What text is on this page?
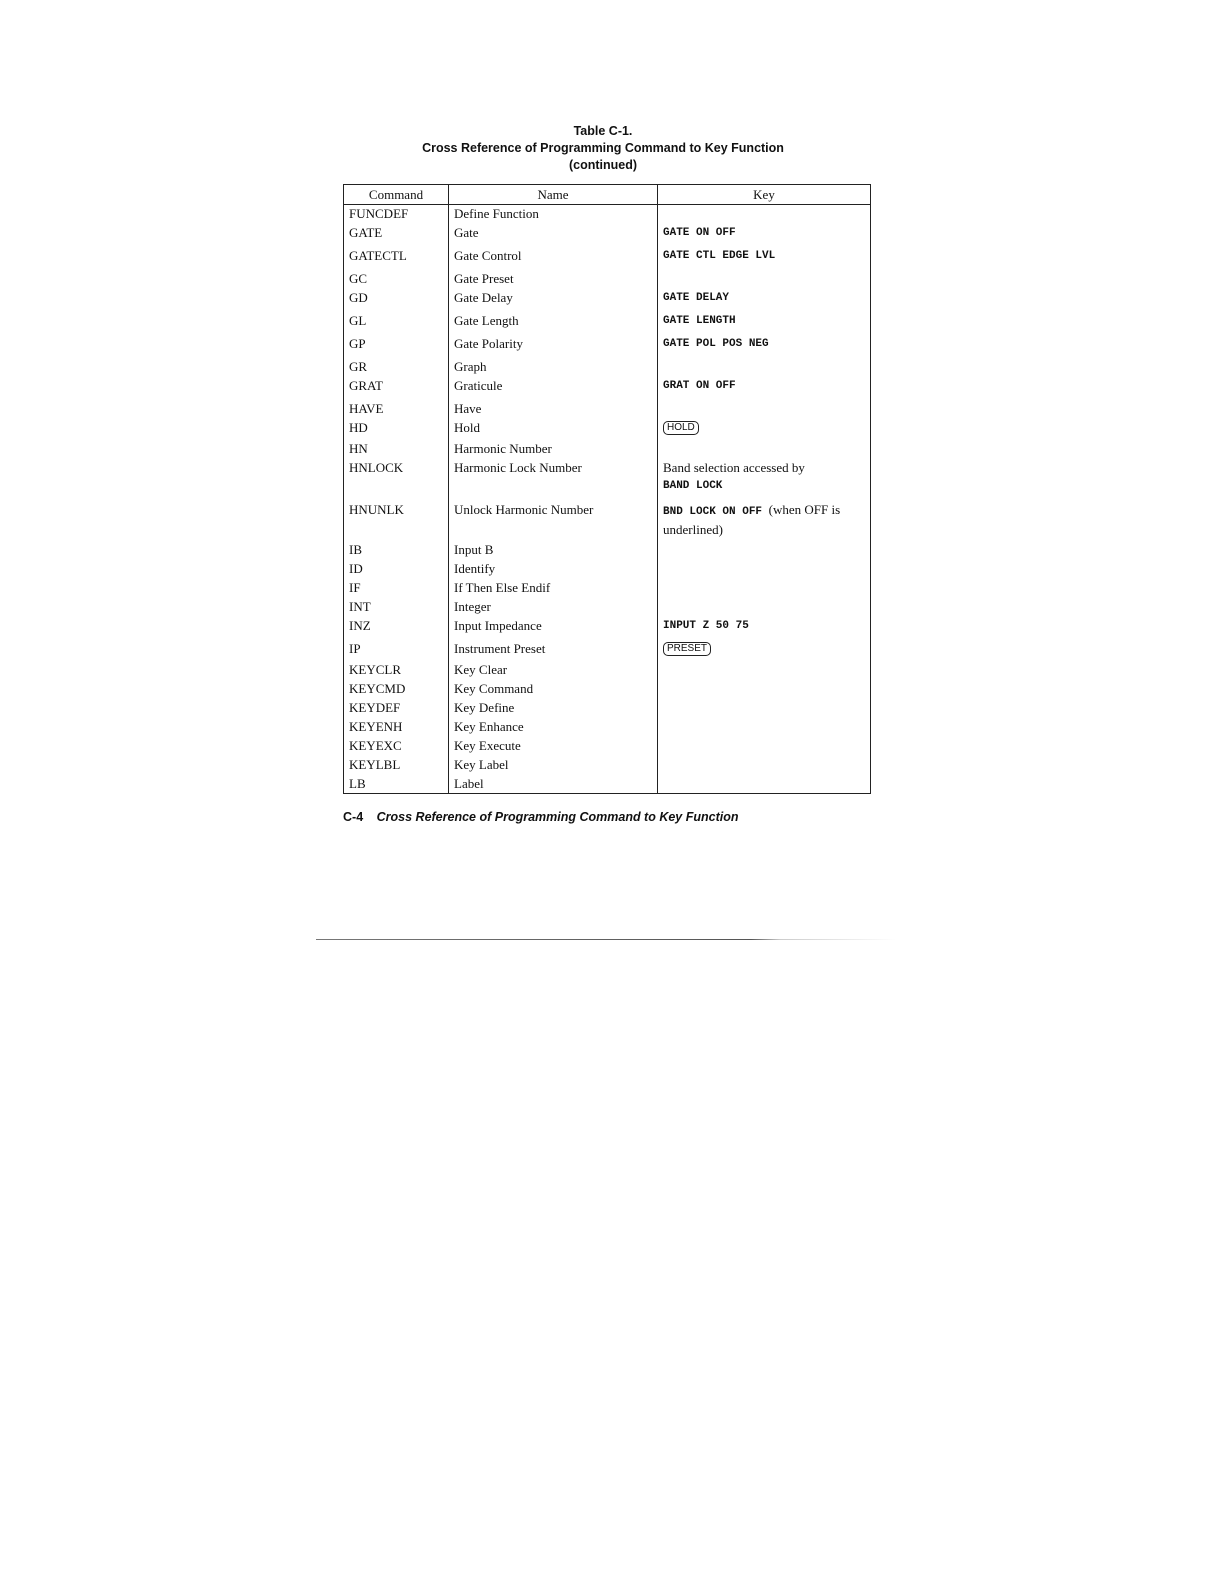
Table C-1.
Cross Reference of Programming Command to Key Function
(continued)
Command	Name	Key
FUNCDEF	Define Function	
GATE	Gate	GATE ON OFF
GATECTL	Gate Control	GATE CTL EDGE LVL
GC	Gate Preset	
GD	Gate Delay	GATE DELAY
GL	Gate Length	GATE LENGTH
GP	Gate Polarity	GATE POL POS NEG
GR	Graph	
GRAT	Graticule	GRAT ON OFF
HAVE	Have	
HD	Hold	HOLD
HN	Harmonic Number	
HNLOCK	Harmonic Lock Number	Band selection accessed by
BAND LOCK

HNUNLK	Unlock Harmonic Number	BND LOCK ON OFF (when OFF is underlined)
IB	Input B	
ID	Identify	
IF	If Then Else Endif	
INT	Integer	
INZ	Input Impedance	INPUT Z 50 75
IP	Instrument Preset	PRESET
KEYCLR	Key Clear	
KEYCMD	Key Command	
KEYDEF	Key Define	
KEYENH	Key Enhance	
KEYEXC	Key Execute	
KEYLBL	Key Label	
LB	Label	
C-4 Cross Reference of Programming Command to Key Function
